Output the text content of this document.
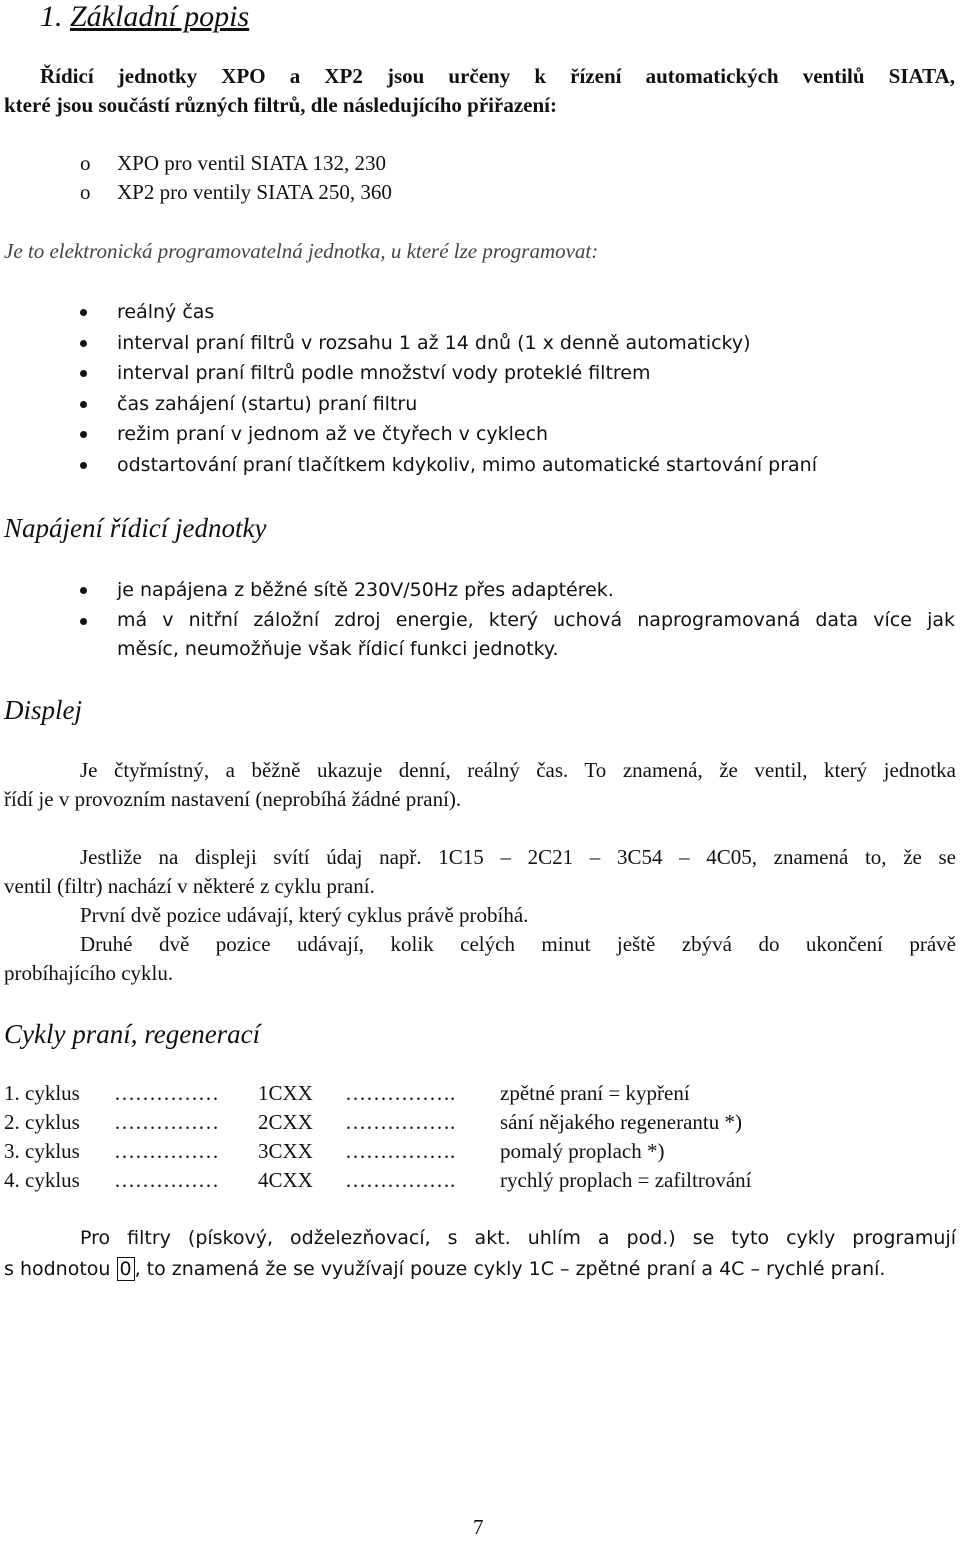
1. Základní popis
Řídicí jednotky XPO a XP2 jsou určeny k řízení automatických ventilů SIATA,
které jsou součástí různých filtrů, dle následujícího přiřazení:
o XPO pro ventil SIATA 132, 230
o XP2 pro ventily SIATA 250, 360
Je to elektronická programovatelná jednotka, u které lze programovat:
reálný čas
interval praní filtrů v rozsahu 1 až 14 dnů (1 x denně automaticky)
interval praní filtrů podle množství vody proteklé filtrem
čas zahájení (startu) praní filtru
režim praní v jednom až ve čtyřech v cyklech
odstartování praní tlačítkem kdykoliv, mimo automatické startování praní
Napájení řídicí jednotky
je napájena z běžné sítě 230V/50Hz přes adaptérek.
má v nitřní záložní zdroj energie, který uchová naprogramovaná data více jak
měsíc, neumožňuje však řídicí funkci jednotky.
Displej
Je čtyřmístný, a běžně ukazuje denní, reálný čas. To znamená, že ventil, který jednotka
řídí je v provozním nastavení (neprobíhá žádné praní).
Jestliže na displeji svítí údaj např. 1C15 – 2C21 – 3C54 – 4C05, znamená to, že se
ventil (filtr) nachází v některé z cyklu praní.
První dvě pozice udávají, který cyklus právě probíhá.
Druhé dvě pozice udávají, kolik celých minut ještě zbývá do ukončení právě
probíhajícího cyklu.
Cykly praní, regenerací
1. cyklus …………… 1CXX ……………. zpětné praní = kypření
2. cyklus …………… 2CXX ……………. sání nějakého regenerantu *)
3. cyklus …………… 3CXX ……………. pomalý proplach *)
4. cyklus …………… 4CXX ……………. rychlý proplach = zafiltrování
Pro filtry (pískový, odželezňovací, s akt. uhlím a pod.) se tyto cykly programují
s hodnotou 0 , to znamená že se využívají pouze cykly 1C – zpětné praní a 4C – rychlé praní.
7
